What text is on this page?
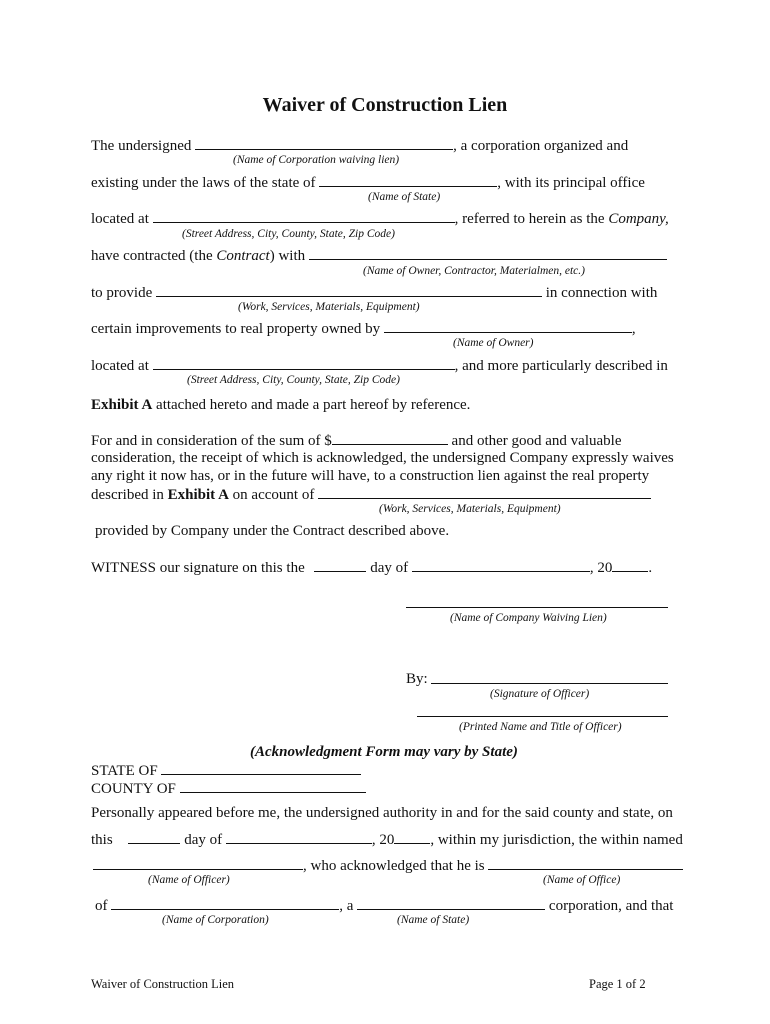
Waiver of Construction Lien
The undersigned	, a corporation organized and
(Name of Corporation waiving lien)
existing under the laws of the state of	, with its principal office
(Name of State)
located at	, referred to herein as the Company,
(Street Address, City, County, State, Zip Code)
have contracted (the Contract) with
(Name of Owner, Contractor, Materialmen, etc.)
to provide	in connection with
(Work, Services, Materials, Equipment)
certain improvements to real property owned by	,
(Name of Owner)
located at	, and more particularly described in
(Street Address, City, County, State, Zip Code)
Exhibit A attached hereto and made a part hereof by reference.
For and in consideration of the sum of $	and other good and valuable
consideration, the receipt of which is acknowledged, the undersigned Company expressly waives
any right it now has, or in the future will have, to a construction lien against the real property
described in Exhibit A on account of
(Work, Services, Materials, Equipment)
provided by Company under the Contract described above.
WITNESS our signature on this the	day of	, 20 .
(Name of Company Waiving Lien)
By:
(Signature of Officer)
(Printed Name and Title of Officer)
(Acknowledgment Form may vary by State)
STATE OF
COUNTY OF
Personally appeared before me, the undersigned authority in and for the said county and state, on
this	day of	, 20 , within my jurisdiction, the within named
, who acknowledged that he is
(Name of Officer)	(Name of Office)
of	, a	corporation, and that
(Name of Corporation)	(Name of State)
Waiver of Construction Lien	Page 1 of 2
